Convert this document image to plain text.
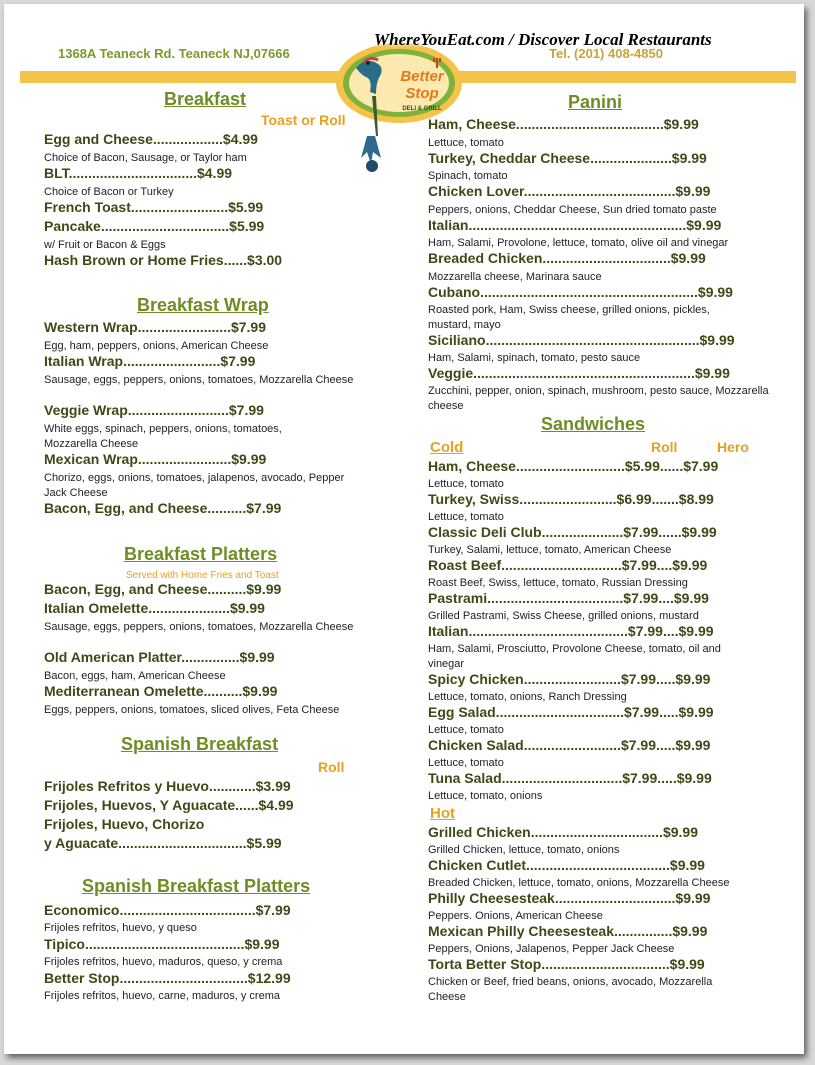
WhereYouEat.com / Discover Local Restaurants
1368A Teaneck Rd. Teaneck NJ,07666	Tel. (201) 408-4850
Better
Stop
DELI & GRILL
Breakfast
Toast or Roll
Egg and Cheese..................$4.99
Choice of Bacon, Sausage, or Taylor ham
BLT.................................$4.99
Choice of Bacon or Turkey
French Toast.........................$5.99
Pancake.................................$5.99
w/ Fruit or Bacon & Eggs
Hash Brown or Home Fries......$3.00
Breakfast Wrap
Western Wrap........................$7.99
Egg, ham, peppers, onions, American Cheese
Italian Wrap.........................$7.99
Sausage, eggs, peppers, onions, tomatoes, Mozzarella Cheese
Veggie Wrap..........................$7.99
White eggs, spinach, peppers, onions, tomatoes, Mozzarella Cheese
Mexican Wrap........................$9.99
Chorizo, eggs, onions, tomatoes, jalapenos, avocado, Pepper Jack Cheese
Bacon, Egg, and Cheese..........$7.99
Breakfast Platters
Served with Home Fries and Toast
Bacon, Egg, and Cheese..........$9.99
Italian Omelette.....................$9.99
Sausage, eggs, peppers, onions, tomatoes, Mozzarella Cheese
Old American Platter...............$9.99
Bacon, eggs, ham, American Cheese
Mediterranean Omelette..........$9.99
Eggs, peppers, onions, tomatoes, sliced olives, Feta Cheese
Spanish Breakfast
Roll
Frijoles Refritos y Huevo............$3.99
Frijoles, Huevos, Y Aguacate......$4.99
Frijoles, Huevo, Chorizo
y Aguacate.................................$5.99
Spanish Breakfast Platters
Economico...................................$7.99
Frijoles refritos, huevo, y queso
Tipico.........................................$9.99
Frijoles refritos, huevo, maduros, queso, y crema
Better Stop.................................$12.99
Frijoles refritos, huevo, carne, maduros, y crema
Panini
Ham, Cheese......................................$9.99
Lettuce, tomato
Turkey, Cheddar Cheese.....................$9.99
Spinach, tomato
Chicken Lover.......................................$9.99
Peppers, onions, Cheddar Cheese, Sun dried tomato paste
Italian........................................................$9.99
Ham, Salami, Provolone, lettuce, tomato, olive oil and vinegar
Breaded Chicken.................................$9.99
Mozzarella cheese, Marinara sauce
Cubano........................................................$9.99
Roasted pork, Ham, Swiss cheese, grilled onions, pickles, mustard, mayo
Siciliano.......................................................$9.99
Ham, Salami, spinach, tomato, pesto sauce
Veggie.........................................................$9.99
Zucchini, pepper, onion, spinach, mushroom, pesto sauce, Mozzarella cheese
Sandwiches
Cold	Roll	Hero
Ham, Cheese............................$5.99......$7.99
Lettuce, tomato
Turkey, Swiss.........................$6.99.......$8.99
Lettuce, tomato
Classic Deli Club.....................$7.99......$9.99
Turkey, Salami, lettuce, tomato, American Cheese
Roast Beef...............................$7.99....$9.99
Roast Beef, Swiss, lettuce, tomato, Russian Dressing
Pastrami...................................$7.99....$9.99
Grilled Pastrami, Swiss Cheese, grilled onions, mustard
Italian.........................................$7.99....$9.99
Ham, Salami, Prosciutto, Provolone Cheese, tomato, oil and vinegar
Spicy Chicken.........................$7.99.....$9.99
Lettuce, tomato, onions, Ranch Dressing
Egg Salad.................................$7.99.....$9.99
Lettuce, tomato
Chicken Salad.........................$7.99.....$9.99
Lettuce, tomato
Tuna Salad...............................$7.99.....$9.99
Lettuce, tomato, onions
Hot
Grilled Chicken..................................$9.99
Grilled Chicken, lettuce, tomato, onions
Chicken Cutlet.....................................$9.99
Breaded Chicken, lettuce, tomato, onions, Mozzarella Cheese
Philly Cheesesteak...............................$9.99
Peppers. Onions, American Cheese
Mexican Philly Cheesesteak...............$9.99
Peppers, Onions, Jalapenos, Pepper Jack Cheese
Torta Better Stop.................................$9.99
Chicken or Beef, fried beans, onions, avocado, Mozzarella Cheese
